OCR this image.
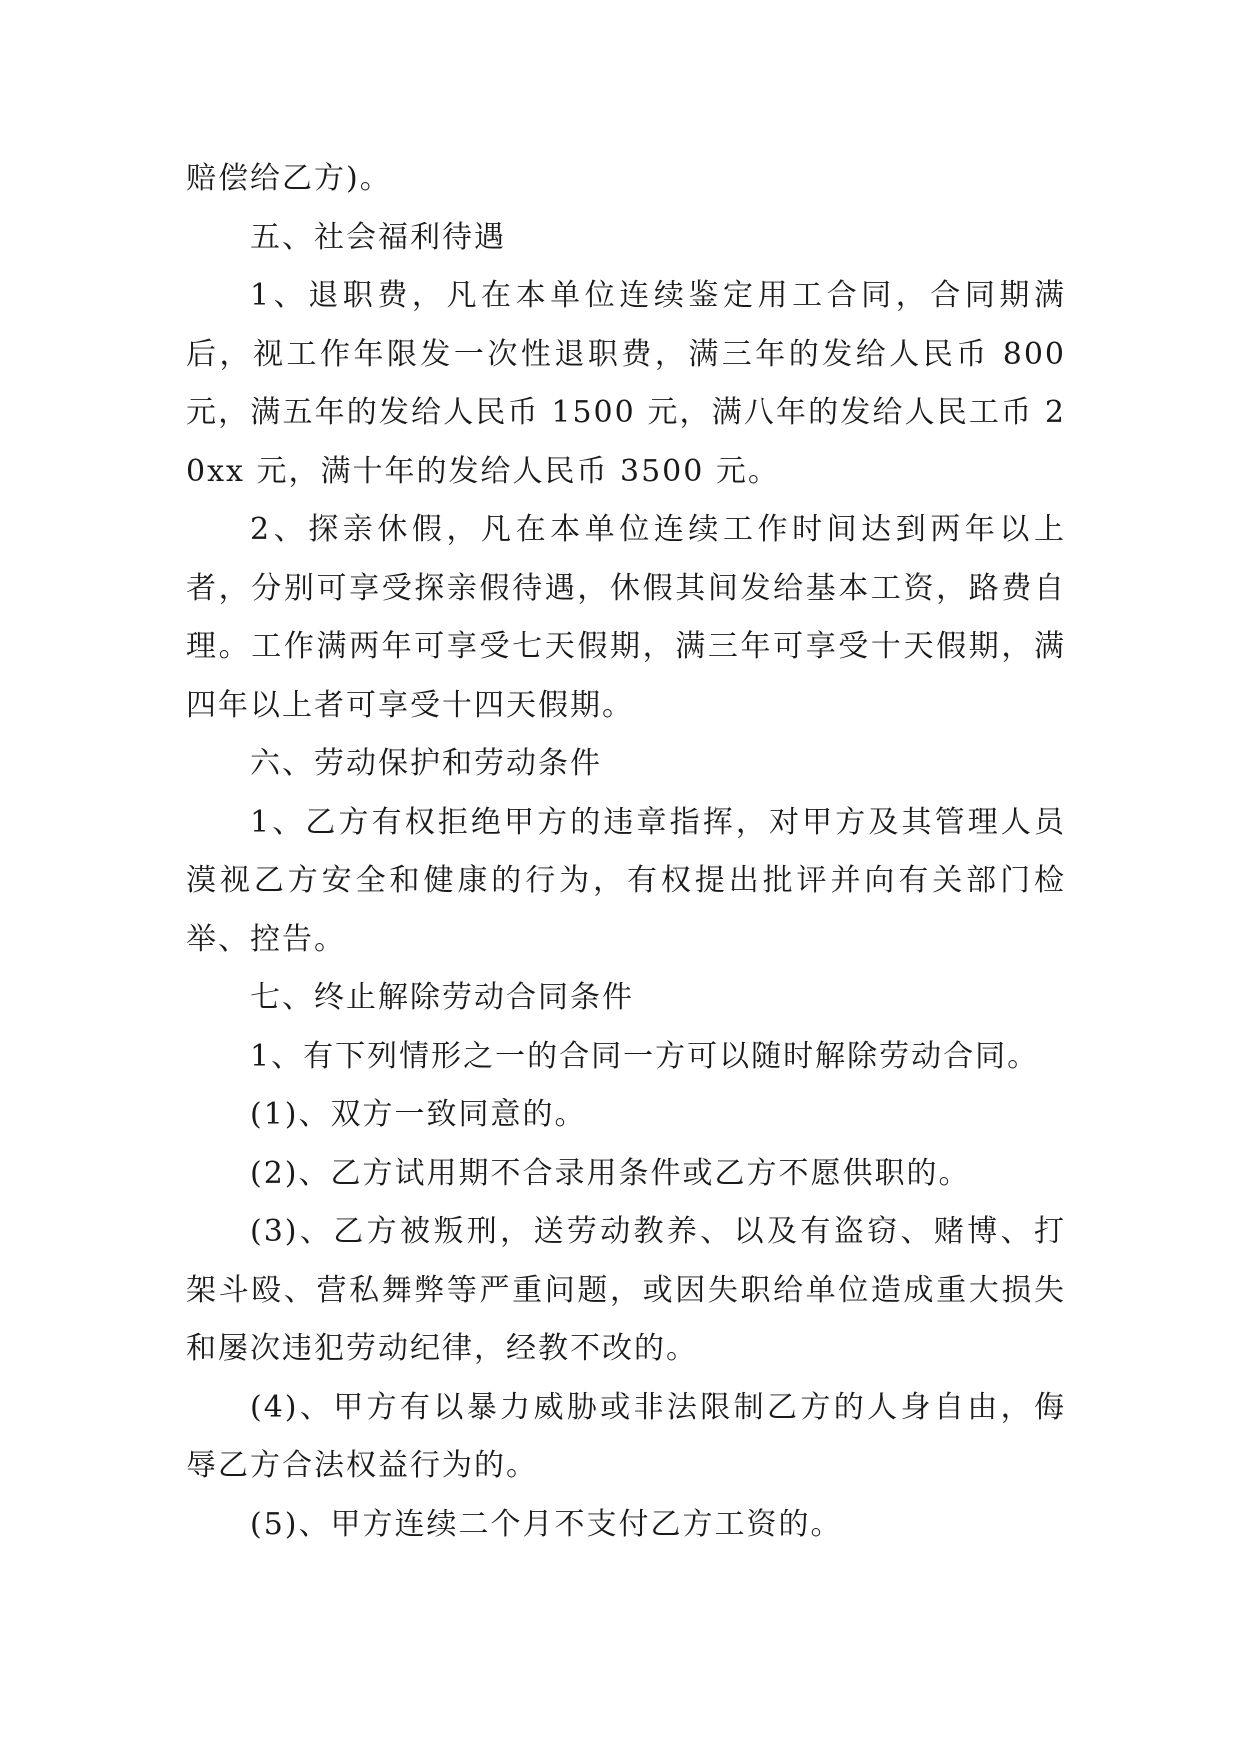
赔偿给乙方)。

五、社会福利待遇

1、退职费，凡在本单位连续鉴定用工合同，合同期满后，视工作年限发一次性退职费，满三年的发给人民币 800 元，满五年的发给人民币 1500 元，满八年的发给人民工币 20xx 元，满十年的发给人民币 3500 元。

2、探亲休假，凡在本单位连续工作时间达到两年以上者，分别可享受探亲假待遇，休假其间发给基本工资，路费自理。工作满两年可享受七天假期，满三年可享受十天假期，满四年以上者可享受十四天假期。

六、劳动保护和劳动条件

1、乙方有权拒绝甲方的违章指挥，对甲方及其管理人员漠视乙方安全和健康的行为，有权提出批评并向有关部门检举、控告。

七、终止解除劳动合同条件

1、有下列情形之一的合同一方可以随时解除劳动合同。

(1)、双方一致同意的。

(2)、乙方试用期不合录用条件或乙方不愿供职的。

(3)、乙方被叛刑，送劳动教养、以及有盗窃、赌博、打架斗殴、营私舞弊等严重问题，或因失职给单位造成重大损失和屡次违犯劳动纪律，经教不改的。

(4)、甲方有以暴力威胁或非法限制乙方的人身自由，侮辱乙方合法权益行为的。

(5)、甲方连续二个月不支付乙方工资的。
